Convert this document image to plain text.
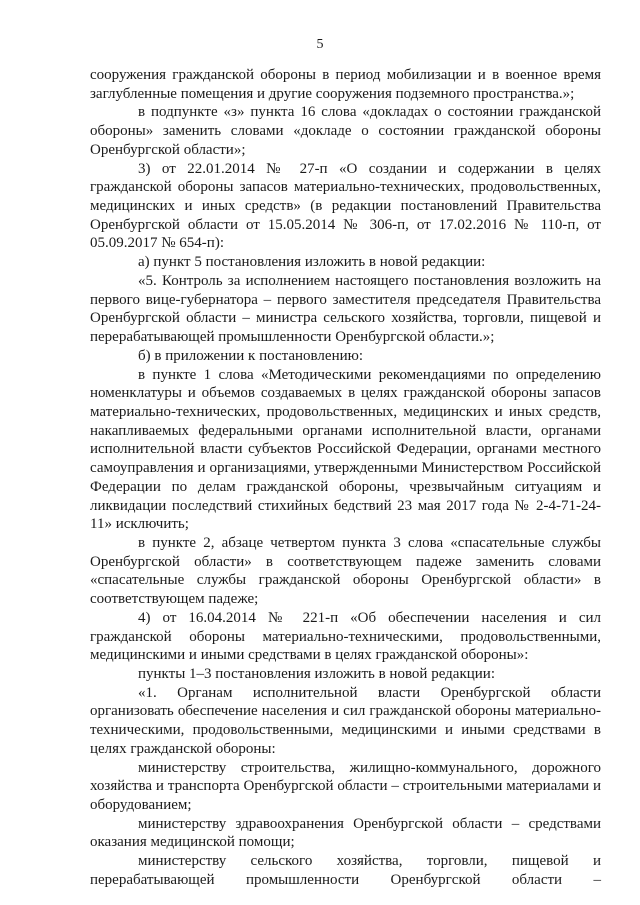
5

сооружения гражданской обороны в период мобилизации и в военное время заглубленные помещения и другие сооружения подземного пространства.»;

в подпункте «з» пункта 16 слова «докладах о состоянии гражданской обороны» заменить словами «докладе о состоянии гражданской обороны Оренбургской области»;

3) от 22.01.2014 № 27-п «О создании и содержании в целях гражданской обороны запасов материально-технических, продовольственных, медицинских и иных средств» (в редакции постановлений Правительства Оренбургской области от 15.05.2014 № 306-п, от 17.02.2016 № 110-п, от 05.09.2017 № 654-п):

а) пункт 5 постановления изложить в новой редакции:

«5. Контроль за исполнением настоящего постановления возложить на первого вице-губернатора – первого заместителя председателя Правительства Оренбургской области – министра сельского хозяйства, торговли, пищевой и перерабатывающей промышленности Оренбургской области.»;

б) в приложении к постановлению:

в пункте 1 слова «Методическими рекомендациями по определению номенклатуры и объемов создаваемых в целях гражданской обороны запасов материально-технических, продовольственных, медицинских и иных средств, накапливаемых федеральными органами исполнительной власти, органами исполнительной власти субъектов Российской Федерации, органами местного самоуправления и организациями, утвержденными Министерством Российской Федерации по делам гражданской обороны, чрезвычайным ситуациям и ликвидации последствий стихийных бедствий 23 мая 2017 года № 2-4-71-24-11» исключить;

в пункте 2, абзаце четвертом пункта 3 слова «спасательные службы Оренбургской области» в соответствующем падеже заменить словами «спасательные службы гражданской обороны Оренбургской области» в соответствующем падеже;

4) от 16.04.2014 № 221-п «Об обеспечении населения и сил гражданской обороны материально-техническими, продовольственными, медицинскими и иными средствами в целях гражданской обороны»:

пункты 1–3 постановления изложить в новой редакции:

«1. Органам исполнительной власти Оренбургской области организовать обеспечение населения и сил гражданской обороны материально-техническими, продовольственными, медицинскими и иными средствами в целях гражданской обороны:

министерству строительства, жилищно-коммунального, дорожного хозяйства и транспорта Оренбургской области – строительными материалами и оборудованием;

министерству здравоохранения Оренбургской области – средствами оказания медицинской помощи;

министерству сельского хозяйства, торговли, пищевой и перерабатывающей промышленности Оренбургской области –
